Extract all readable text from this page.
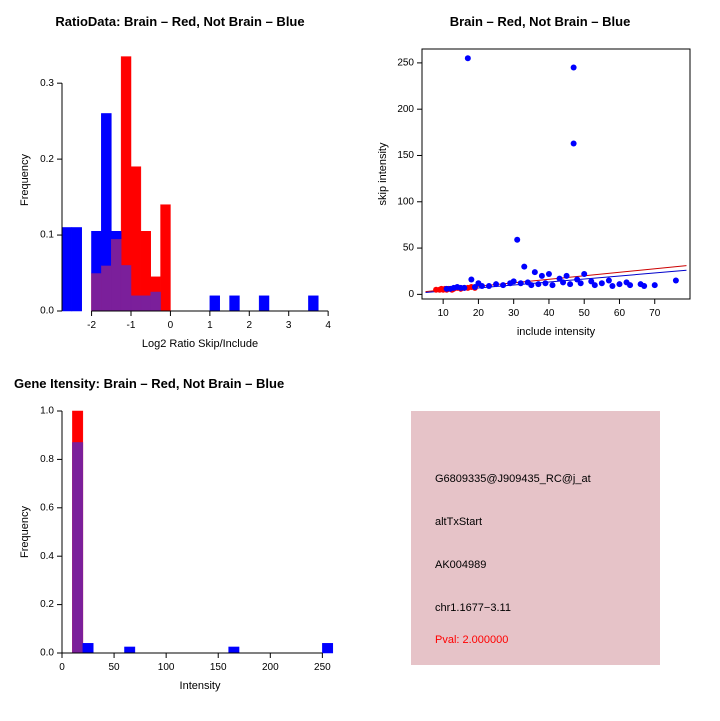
RatioData: Brain – Red, Not Brain – Blue
-2	-1	0	1	2	3	4
0.0
0.1
0.2
0.3
Log2 Ratio Skip/Include
Frequency
Brain – Red, Not Brain – Blue
10 20 30 40 50 60 70
0
50
100
150
200
250
include intensity
skip intensity
Gene Itensity: Brain – Red, Not Brain – Blue
0	50	100	150	200	250
0.0
0.2
0.4
0.6
0.8
1.0
Intensity
Frequency
G6809335@J909435_RC@j_at
altTxStart
AK004989
chr1.1677−3.11
Pval: 2.000000
